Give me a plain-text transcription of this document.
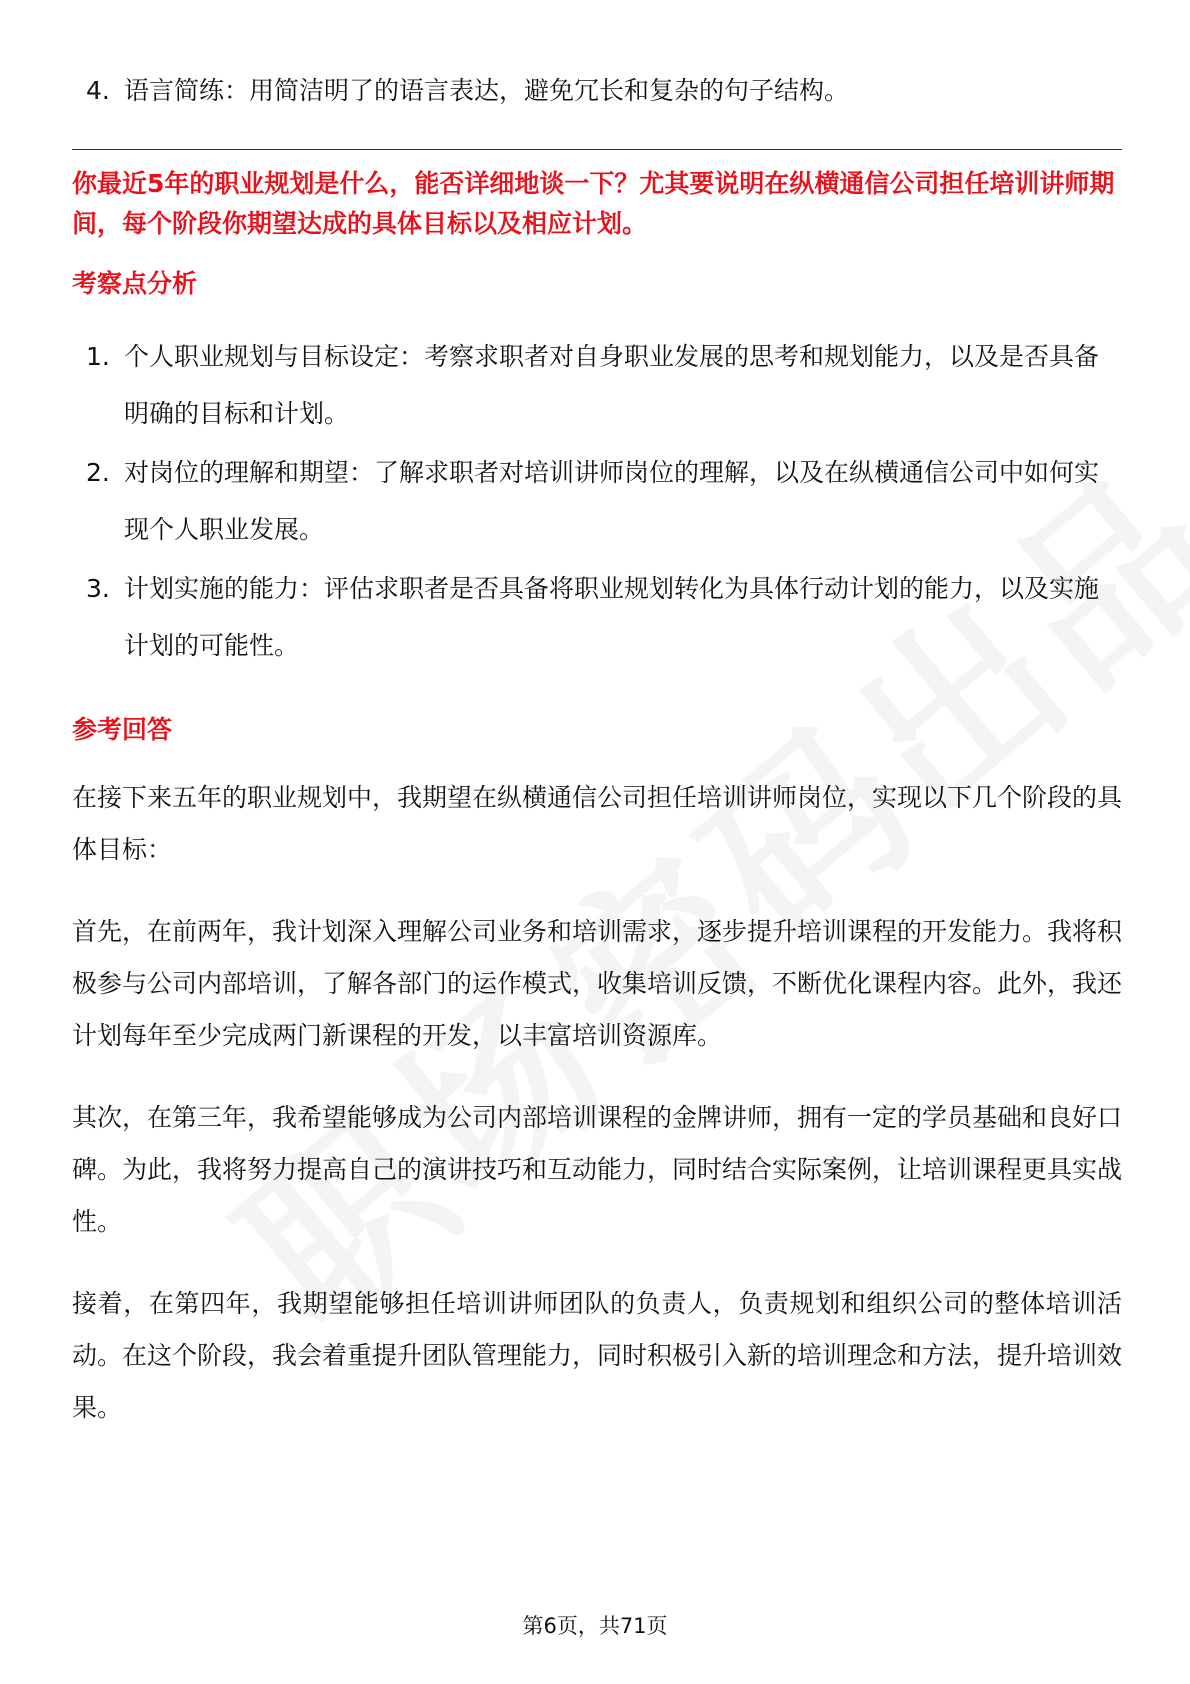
4. 语言简练：用简洁明了的语言表达，避免冗长和复杂的句子结构。
你最近5年的职业规划是什么，能否详细地谈一下？尤其要说明在纵横通信公司担任培训讲师期间，每个阶段你期望达成的具体目标以及相应计划。
考察点分析
1. 个人职业规划与目标设定：考察求职者对自身职业发展的思考和规划能力，以及是否具备明确的目标和计划。
2. 对岗位的理解和期望：了解求职者对培训讲师岗位的理解，以及在纵横通信公司中如何实现个人职业发展。
3. 计划实施的能力：评估求职者是否具备将职业规划转化为具体行动计划的能力，以及实施计划的可能性。
参考回答

在接下来五年的职业规划中，我期望在纵横通信公司担任培训讲师岗位，实现以下几个阶段的具体目标：

首先，在前两年，我计划深入理解公司业务和培训需求，逐步提升培训课程的开发能力。我将积极参与公司内部培训，了解各部门的运作模式，收集培训反馈，不断优化课程内容。此外，我还计划每年至少完成两门新课程的开发，以丰富培训资源库。

其次，在第三年，我希望能够成为公司内部培训课程的金牌讲师，拥有一定的学员基础和良好口碑。为此，我将努力提高自己的演讲技巧和互动能力，同时结合实际案例，让培训课程更具实战性。

接着，在第四年，我期望能够担任培训讲师团队的负责人，负责规划和组织公司的整体培训活动。在这个阶段，我会着重提升团队管理能力，同时积极引入新的培训理念和方法，提升培训效果。

第6页，共71页
